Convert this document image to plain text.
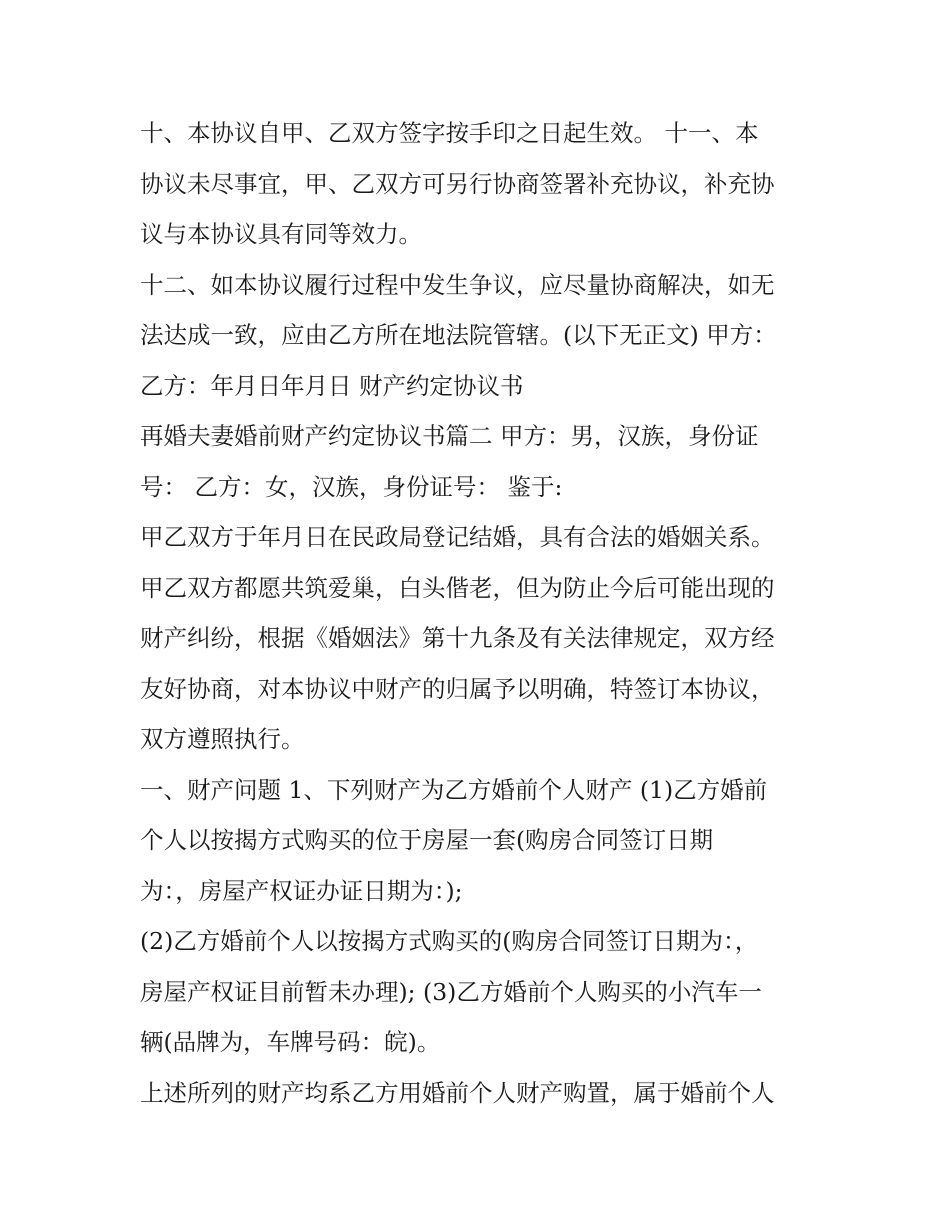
十、本协议自甲、乙双方签字按手印之日起生效。 十一、本
协议未尽事宜，甲、乙双方可另行协商签署补充协议，补充协
议与本协议具有同等效力。
十二、如本协议履行过程中发生争议，应尽量协商解决，如无
法达成一致，应由乙方所在地法院管辖。(以下无正文) 甲方：
乙方：年月日年月日 财产约定协议书
再婚夫妻婚前财产约定协议书篇二 甲方：男，汉族，身份证
号： 乙方：女，汉族，身份证号： 鉴于:
甲乙双方于年月日在民政局登记结婚，具有合法的婚姻关系。
甲乙双方都愿共筑爱巢，白头偕老，但为防止今后可能出现的
财产纠纷，根据《婚姻法》第十九条及有关法律规定，双方经
友好协商，对本协议中财产的归属予以明确，特签订本协议，
双方遵照执行。
一、财产问题 1、下列财产为乙方婚前个人财产 (1)乙方婚前
个人以按揭方式购买的位于房屋一套(购房合同签订日期
为：，房屋产权证办证日期为：);
(2)乙方婚前个人以按揭方式购买的(购房合同签订日期为：，
房屋产权证目前暂未办理); (3)乙方婚前个人购买的小汽车一
辆(品牌为，车牌号码：皖)。
上述所列的财产均系乙方用婚前个人财产购置，属于婚前个人
